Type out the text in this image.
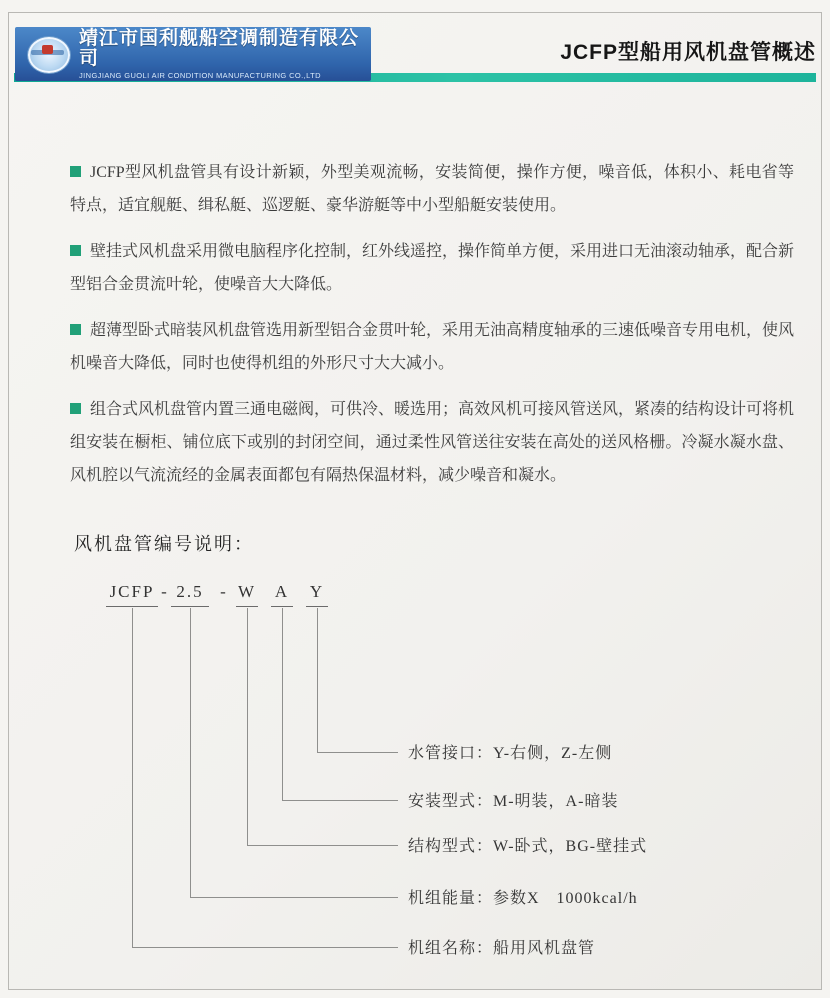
靖江市国利舰船空调制造有限公司
JINGJIANG GUOLI AIR CONDITION MANUFACTURING CO.,LTD
JCFP型船用风机盘管概述

JCFP型风机盘管具有设计新颖，外型美观流畅，安装简便，操作方便，噪音低，体积小、耗电省等特点，适宜舰艇、缉私艇、巡逻艇、豪华游艇等中小型船艇安装使用。

壁挂式风机盘采用微电脑程序化控制，红外线遥控，操作简单方便，采用进口无油滚动轴承，配合新型铝合金贯流叶轮，使噪音大大降低。

超薄型卧式暗装风机盘管选用新型铝合金贯叶轮，采用无油高精度轴承的三速低噪音专用电机，使风机噪音大降低，同时也使得机组的外形尺寸大大减小。

组合式风机盘管内置三通电磁阀，可供冷、暖选用；高效风机可接风管送风，紧凑的结构设计可将机组安装在橱柜、铺位底下或别的封闭空间，通过柔性风管送往安装在高处的送风格栅。冷凝水凝水盘、风机腔以气流流经的金属表面都包有隔热保温材料，减少噪音和凝水。

风机盘管编号说明：
JCFP - 2.5 - W A Y
水管接口：Y-右侧，Z-左侧
安装型式：M-明装，A-暗装
结构型式：W-卧式，BG-壁挂式
机组能量：参数X　1000kcal/h
机组名称：船用风机盘管
